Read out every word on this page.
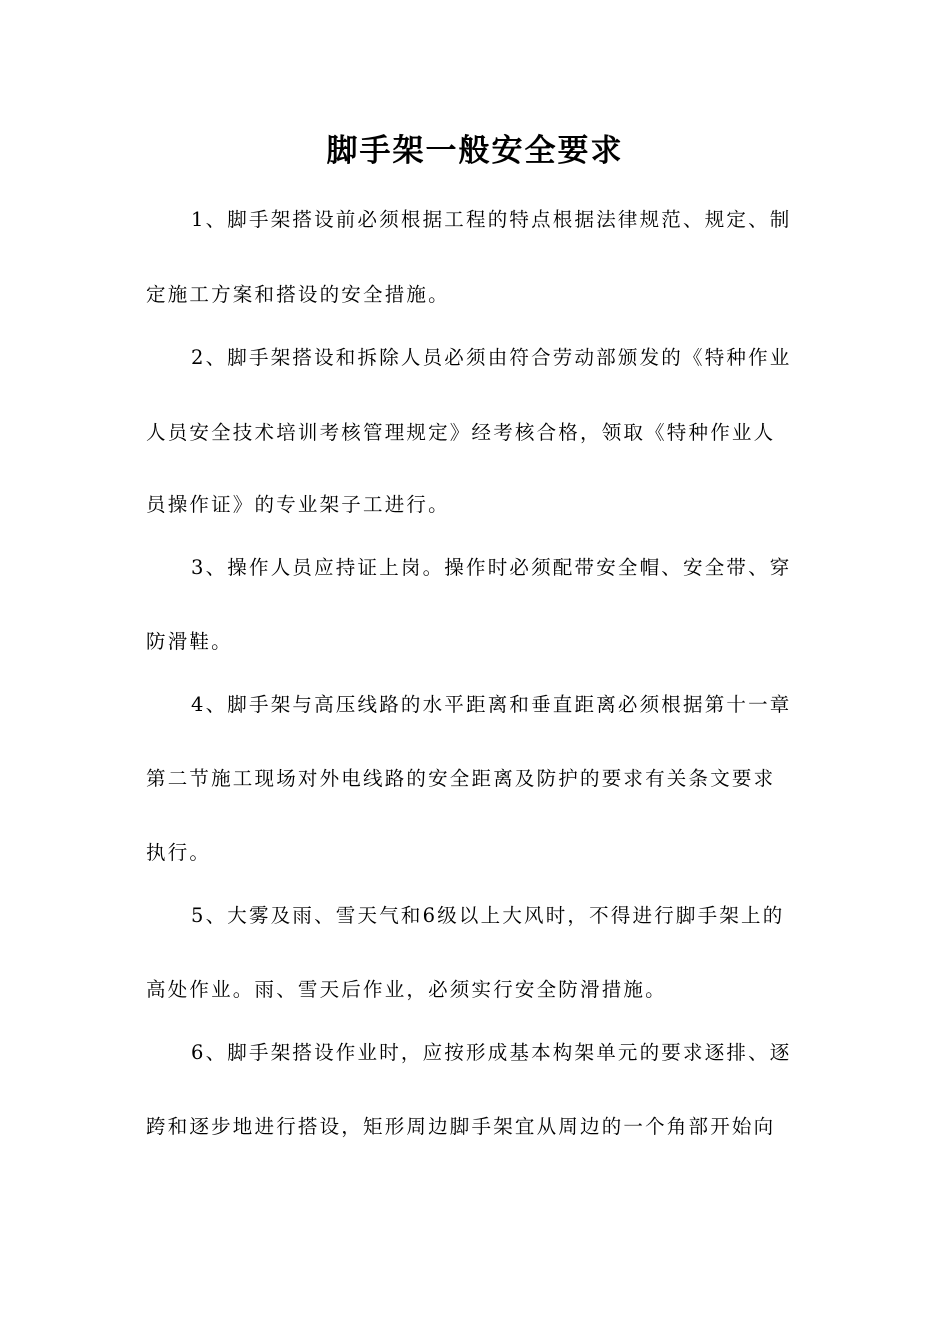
脚手架一般安全要求
1、脚手架搭设前必须根据工程的特点根据法律规范、规定、制
定施工方案和搭设的安全措施。
2、脚手架搭设和拆除人员必须由符合劳动部颁发的《特种作业
人员安全技术培训考核管理规定》经考核合格，领取《特种作业人
员操作证》的专业架子工进行。
3、操作人员应持证上岗。操作时必须配带安全帽、安全带、穿
防滑鞋。
4、脚手架与高压线路的水平距离和垂直距离必须根据第十一章
第二节施工现场对外电线路的安全距离及防护的要求有关条文要求
执行。
5、大雾及雨、雪天气和6级以上大风时，不得进行脚手架上的
高处作业。雨、雪天后作业，必须实行安全防滑措施。
6、脚手架搭设作业时，应按形成基本构架单元的要求逐排、逐
跨和逐步地进行搭设，矩形周边脚手架宜从周边的一个角部开始向
